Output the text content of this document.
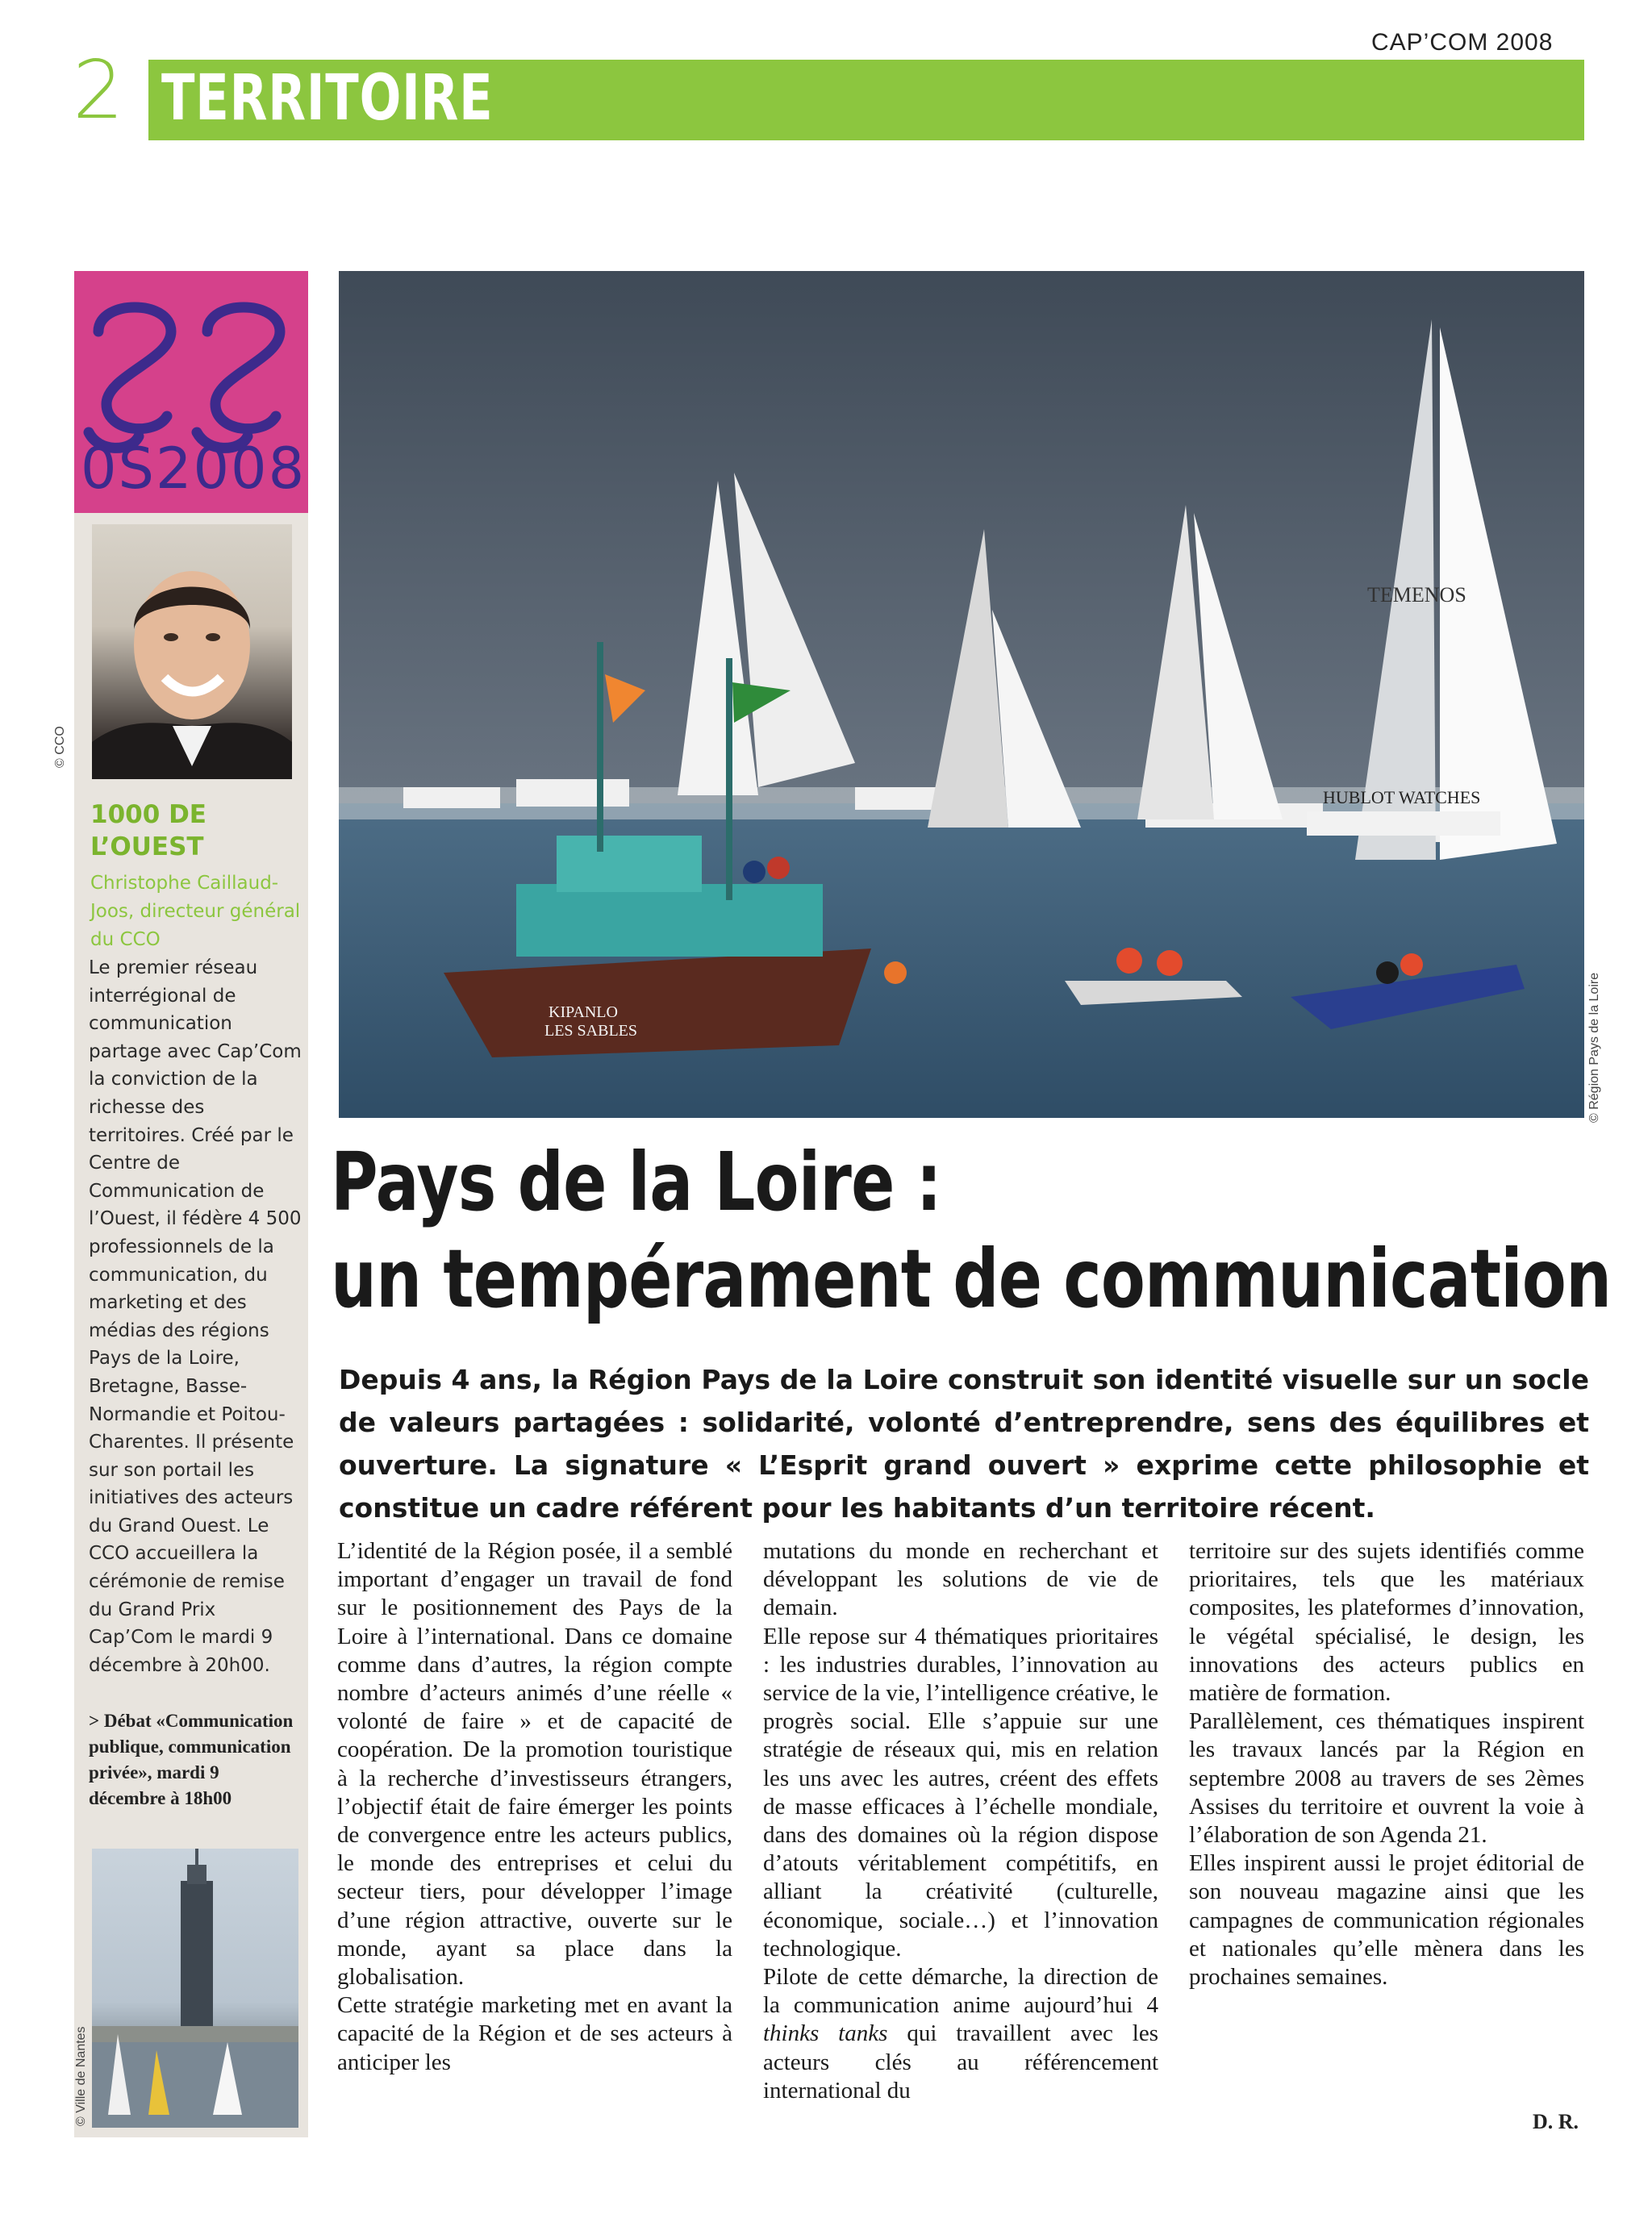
CAP’COM 2008
2 TERRITOIRE
0S2008
© CCO
1000 DE L’OUEST
Christophe Caillaud-Joos, directeur général du CCO
Le premier réseau interrégional de communication partage avec Cap’Com la conviction de la richesse des territoires. Créé par le Centre de Communication de l’Ouest, il fédère 4 500 professionnels de la communication, du marketing et des médias des régions Pays de la Loire, Bretagne, Basse-Normandie et Poitou-Charentes. Il présente sur son portail les initiatives des acteurs du Grand Ouest. Le CCO accueillera la cérémonie de remise du Grand Prix Cap’Com le mardi 9 décembre à 20h00.
> Débat «Communication publique, communication privée», mardi 9 décembre à 18h00
© Ville de Nantes
TEMENOS
HUBLOT WATCHES
KIPANLO
LES SABLES	© Région Pays de la Loire
Pays de la Loire :
un tempérament de communication
Depuis 4 ans, la Région Pays de la Loire construit son identité visuelle sur un socle de valeurs partagées : solidarité, volonté d’entreprendre, sens des équilibres et ouverture. La signature « L’Esprit grand ouvert » exprime cette philosophie et constitue un cadre référent pour les habitants d’un territoire récent.

L’identité de la Région posée, il a semblé important d’engager un travail de fond sur le positionnement des Pays de la Loire à l’international. Dans ce domaine comme dans d’autres, la région compte nombre d’acteurs animés d’une réelle « volonté de faire » et de capacité de coopération. De la promotion touristique à la recherche d’investisseurs étrangers, l’objectif était de faire émerger les points de convergence entre les acteurs publics, le monde des entreprises et celui du secteur tiers, pour développer l’image d’une région attractive, ouverte sur le monde, ayant sa place dans la globalisation.

Cette stratégie marketing met en avant la capacité de la Région et de ses acteurs à anticiper les

mutations du monde en recherchant et développant les solutions de vie de demain.

Elle repose sur 4 thématiques prioritaires : les industries durables, l’innovation au service de la vie, l’intelligence créative, le progrès social. Elle s’appuie sur une stratégie de réseaux qui, mis en relation les uns avec les autres, créent des effets de masse efficaces à l’échelle mondiale, dans des domaines où la région dispose d’atouts véritablement compétitifs, en alliant la créativité (culturelle, économique, sociale…) et l’innovation technologique.

Pilote de cette démarche, la direction de la communication anime aujourd’hui 4 thinks tanks qui travaillent avec les acteurs clés au référencement international du

territoire sur des sujets identifiés comme prioritaires, tels que les matériaux composites, les plateformes d’innovation, le végétal spécialisé, le design, les innovations des acteurs publics en matière de formation.

Parallèlement, ces thématiques inspirent les travaux lancés par la Région en septembre 2008 au travers de ses 2èmes Assises du territoire et ouvrent la voie à l’élaboration de son Agenda 21.

Elles inspirent aussi le projet éditorial de son nouveau magazine ainsi que les campagnes de communication régionales et nationales qu’elle mènera dans les prochaines semaines.

D. R.
